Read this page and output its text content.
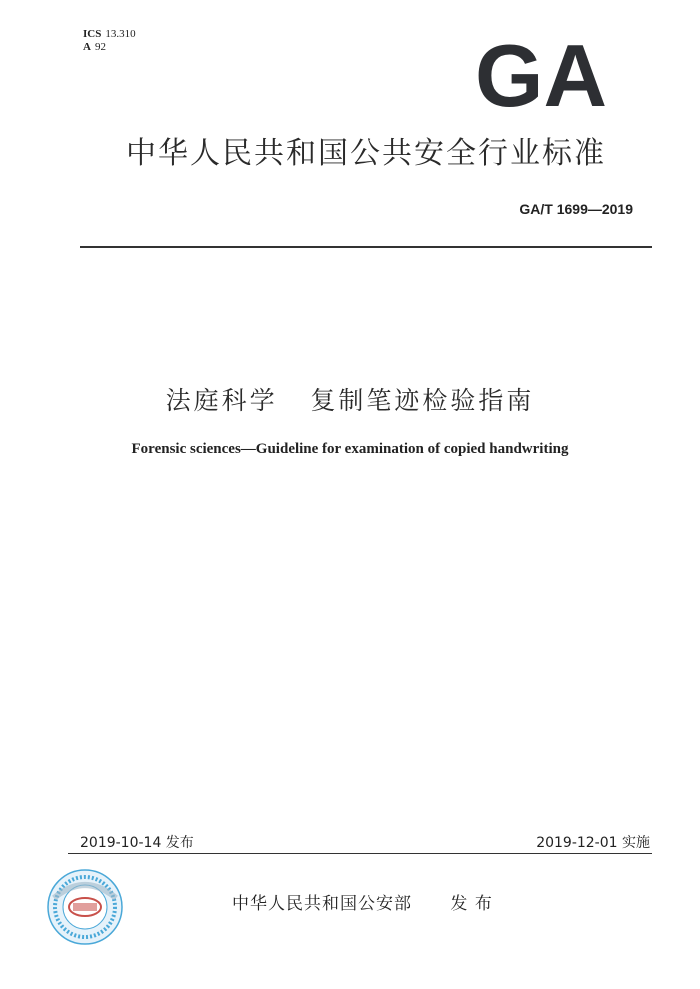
ICS 13.310
A 92	GA
中华人民共和国公共安全行业标准
GA/T 1699—2019
法庭科学   复制笔迹检验指南
Forensic sciences—Guideline for examination of copied handwriting
2019-10-14 发布	2019-12-01 实施
中华人民共和国公安部      发 布
